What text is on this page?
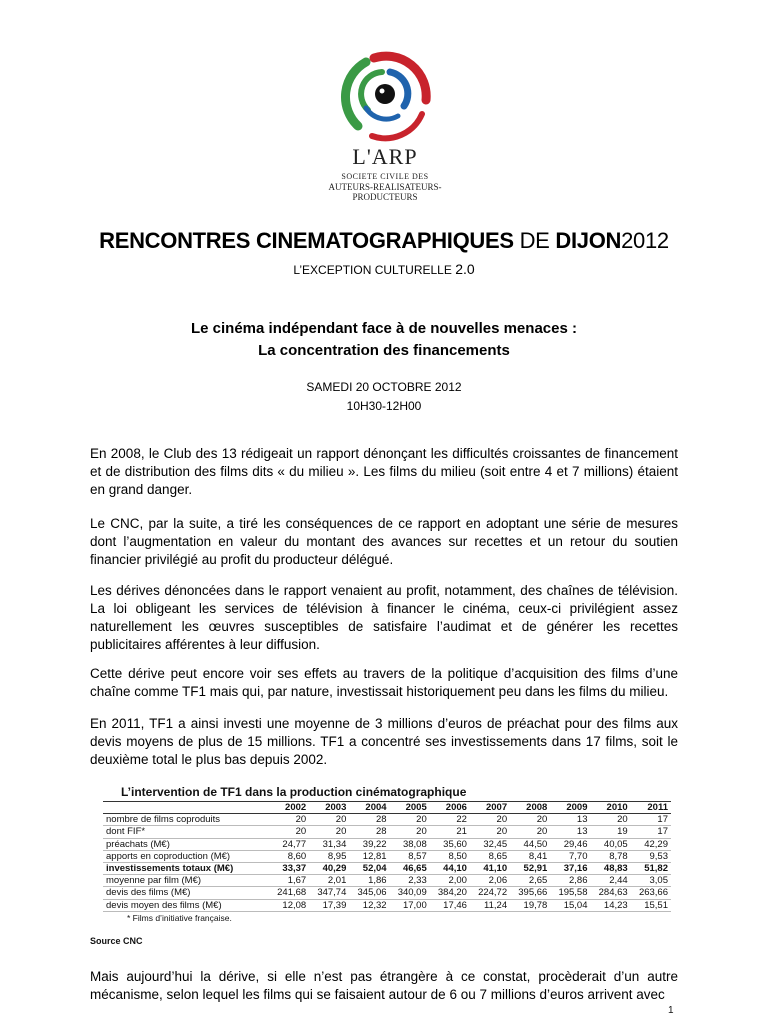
L'ARP
SOCIETE CIVILE DES
AUTEURS-REALISATEURS-PRODUCTEURS
RENCONTRES CINEMATOGRAPHIQUES DE DIJON2012
L’EXCEPTION CULTURELLE 2.0
Le cinéma indépendant face à de nouvelles menaces :
La concentration des financements
SAMEDI 20 OCTOBRE 2012
10H30-12H00

En 2008, le Club des 13 rédigeait un rapport dénonçant les difficultés croissantes de financement et de distribution des films dits « du milieu ». Les films du milieu (soit entre 4 et 7 millions) étaient en grand danger.

Le CNC, par la suite, a tiré les conséquences de ce rapport en adoptant une série de mesures dont l’augmentation en valeur du montant des avances sur recettes et un retour du soutien financier privilégié au profit du producteur délégué.

Les dérives dénoncées dans le rapport venaient au profit, notamment, des chaînes de télévision. La loi obligeant les services de télévision à financer le cinéma, ceux-ci privilégient assez naturellement les œuvres susceptibles de satisfaire l’audimat et de générer les recettes publicitaires afférentes à leur diffusion.

Cette dérive peut encore voir ses effets au travers de la politique d’acquisition des films d’une chaîne comme TF1 mais qui, par nature, investissait historiquement peu dans les films du milieu.

En 2011, TF1 a ainsi investi une moyenne de 3 millions d’euros de préachat pour des films aux devis moyens de plus de 15 millions. TF1 a concentré ses investissements dans 17 films, soit le deuxième total le plus bas depuis 2002.

L’intervention de TF1 dans la production cinématographique
	2002	2003	2004	2005	2006	2007	2008	2009	2010	2011
nombre de films coproduits	20	20	28	20	22	20	20	13	20	17
dont FIF*	20	20	28	20	21	20	20	13	19	17
préachats (M€)	24,77	31,34	39,22	38,08	35,60	32,45	44,50	29,46	40,05	42,29
apports en coproduction (M€)	8,60	8,95	12,81	8,57	8,50	8,65	8,41	7,70	8,78	9,53
investissements totaux (M€)	33,37	40,29	52,04	46,65	44,10	41,10	52,91	37,16	48,83	51,82
moyenne par film (M€)	1,67	2,01	1,86	2,33	2,00	2,06	2,65	2,86	2,44	3,05
devis des films (M€)	241,68	347,74	345,06	340,09	384,20	224,72	395,66	195,58	284,63	263,66
devis moyen des films (M€)	12,08	17,39	12,32	17,00	17,46	11,24	19,78	15,04	14,23	15,51
* Films d’initiative française.
Source CNC

Mais aujourd’hui la dérive, si elle n’est pas étrangère à ce constat, procèderait d’un autre mécanisme, selon lequel les films qui se faisaient autour de 6 ou 7 millions d’euros arrivent avec

1
